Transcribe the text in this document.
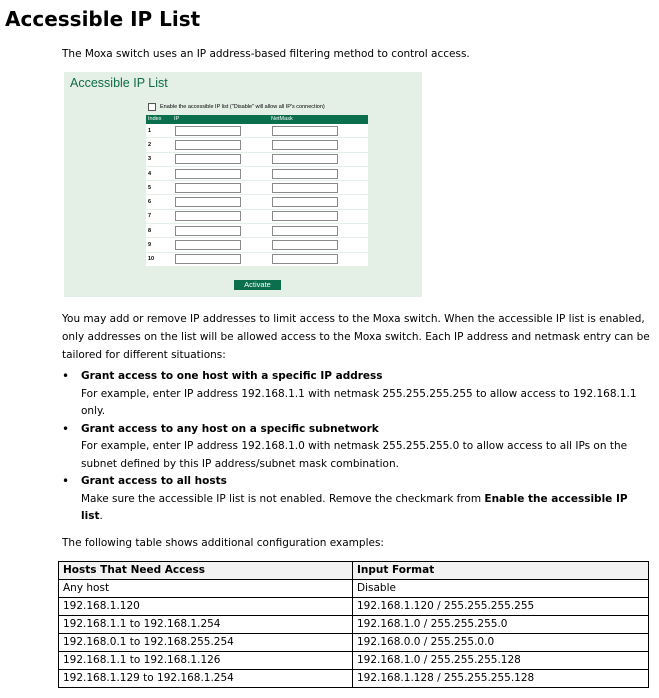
Accessible IP List

The Moxa switch uses an IP address-based filtering method to control access.

Accessible IP List
Enable the accessible IP list ("Disable" will allow all IP's connection)
Index	IP	NetMask
1	

2	

3	

4	

5	

6	

7	

8	

9	

10	

Activate

You may add or remove IP addresses to limit access to the Moxa switch. When the accessible IP list is enabled,
only addresses on the list will be allowed access to the Moxa switch. Each IP address and netmask entry can be
tailored for different situations:

• Grant access to one host with a specific IP address
For example, enter IP address 192.168.1.1 with netmask 255.255.255.255 to allow access to 192.168.1.1
only.
• Grant access to any host on a specific subnetwork
For example, enter IP address 192.168.1.0 with netmask 255.255.255.0 to allow access to all IPs on the
subnet defined by this IP address/subnet mask combination.
• Grant access to all hosts
Make sure the accessible IP list is not enabled. Remove the checkmark from Enable the accessible IP
list.

The following table shows additional configuration examples:

Hosts That Need Access	Input Format
Any host	Disable
192.168.1.120	192.168.1.120 / 255.255.255.255
192.168.1.1 to 192.168.1.254	192.168.1.0 / 255.255.255.0
192.168.0.1 to 192.168.255.254	192.168.0.0 / 255.255.0.0
192.168.1.1 to 192.168.1.126	192.168.1.0 / 255.255.255.128
192.168.1.129 to 192.168.1.254	192.168.1.128 / 255.255.255.128
